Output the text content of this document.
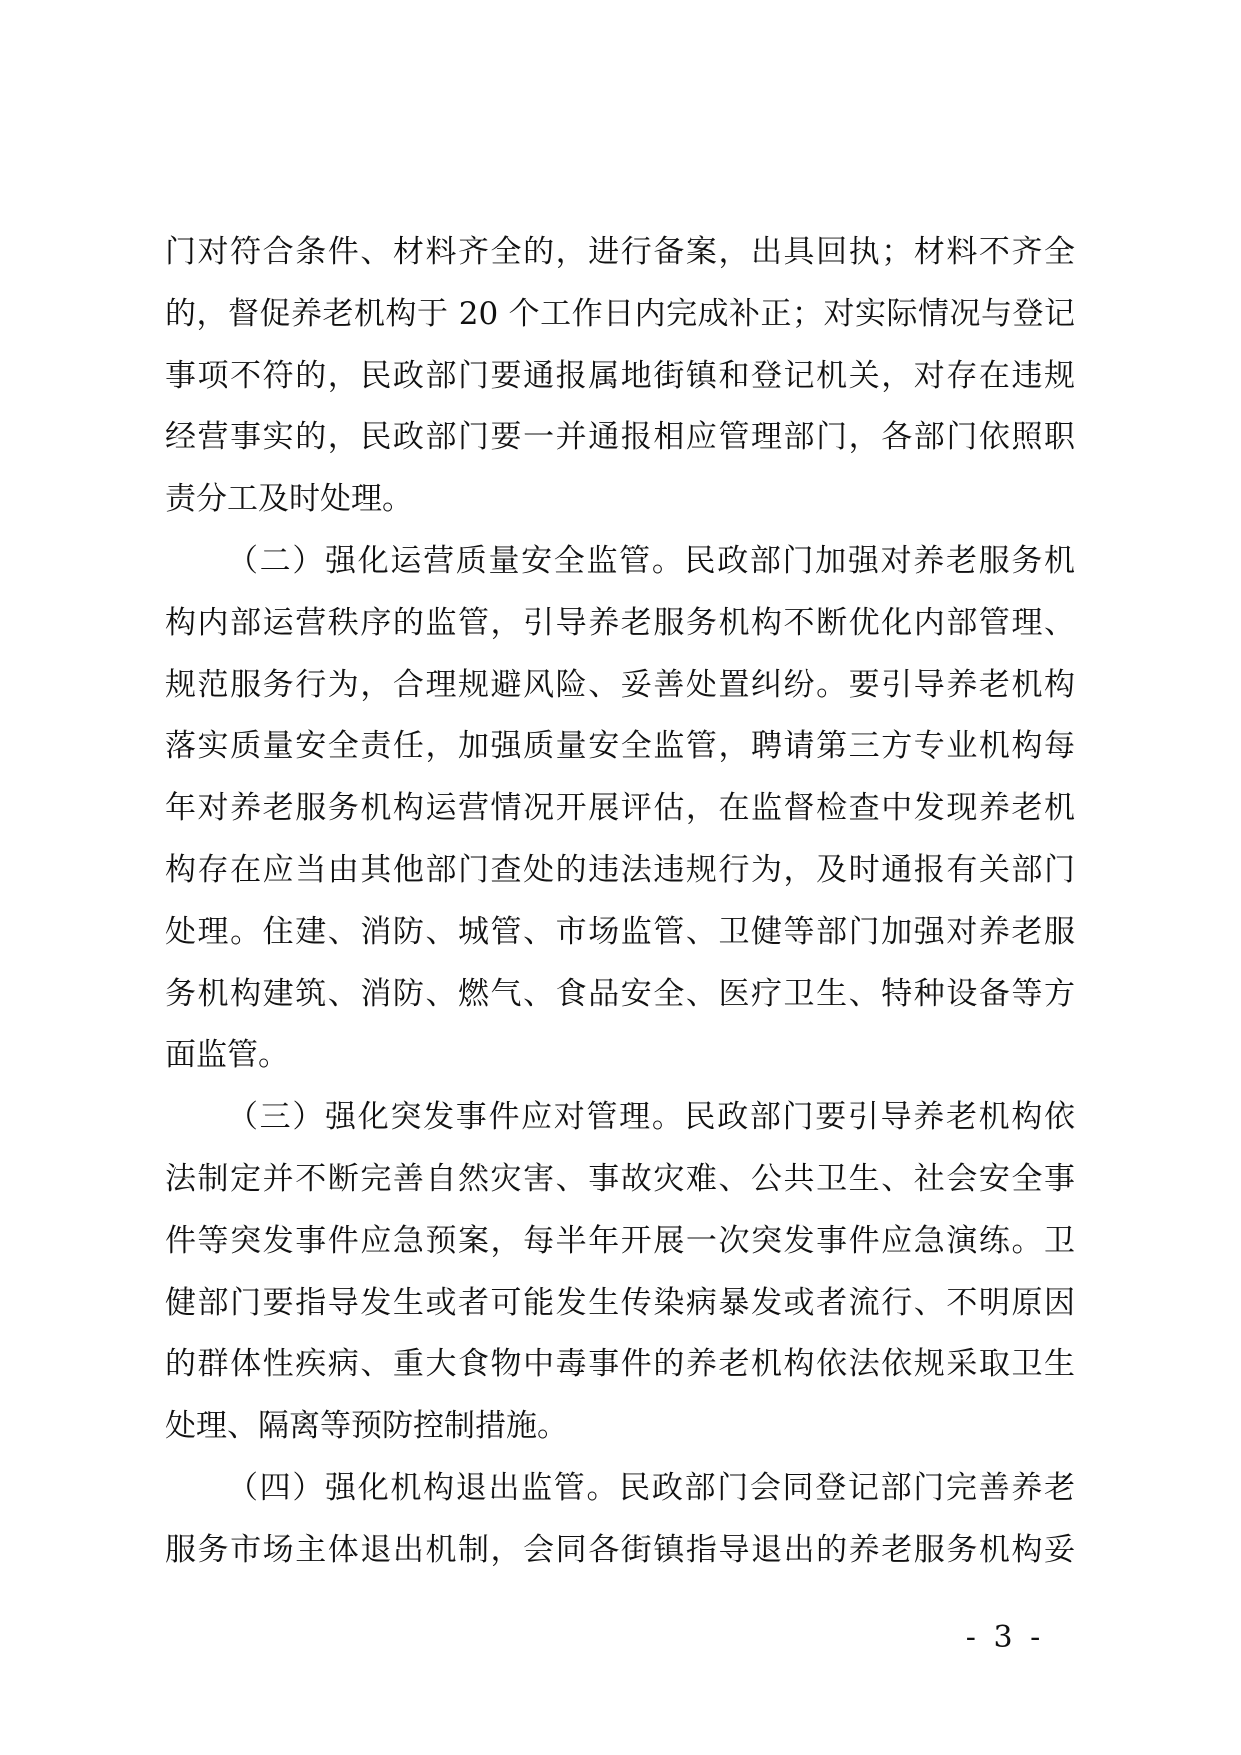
门对符合条件、材料齐全的，进行备案，出具回执；材料不齐全
的，督促养老机构于 20 个工作日内完成补正；对实际情况与登记
事项不符的，民政部门要通报属地街镇和登记机关，对存在违规
经营事实的，民政部门要一并通报相应管理部门，各部门依照职
责分工及时处理。
（二）强化运营质量安全监管。民政部门加强对养老服务机
构内部运营秩序的监管，引导养老服务机构不断优化内部管理、
规范服务行为，合理规避风险、妥善处置纠纷。要引导养老机构
落实质量安全责任，加强质量安全监管，聘请第三方专业机构每
年对养老服务机构运营情况开展评估，在监督检查中发现养老机
构存在应当由其他部门查处的违法违规行为，及时通报有关部门
处理。住建、消防、城管、市场监管、卫健等部门加强对养老服
务机构建筑、消防、燃气、食品安全、医疗卫生、特种设备等方
面监管。
（三）强化突发事件应对管理。民政部门要引导养老机构依
法制定并不断完善自然灾害、事故灾难、公共卫生、社会安全事
件等突发事件应急预案，每半年开展一次突发事件应急演练。卫
健部门要指导发生或者可能发生传染病暴发或者流行、不明原因
的群体性疾病、重大食物中毒事件的养老机构依法依规采取卫生
处理、隔离等预防控制措施。
（四）强化机构退出监管。民政部门会同登记部门完善养老
服务市场主体退出机制，会同各街镇指导退出的养老服务机构妥
- 3 -
